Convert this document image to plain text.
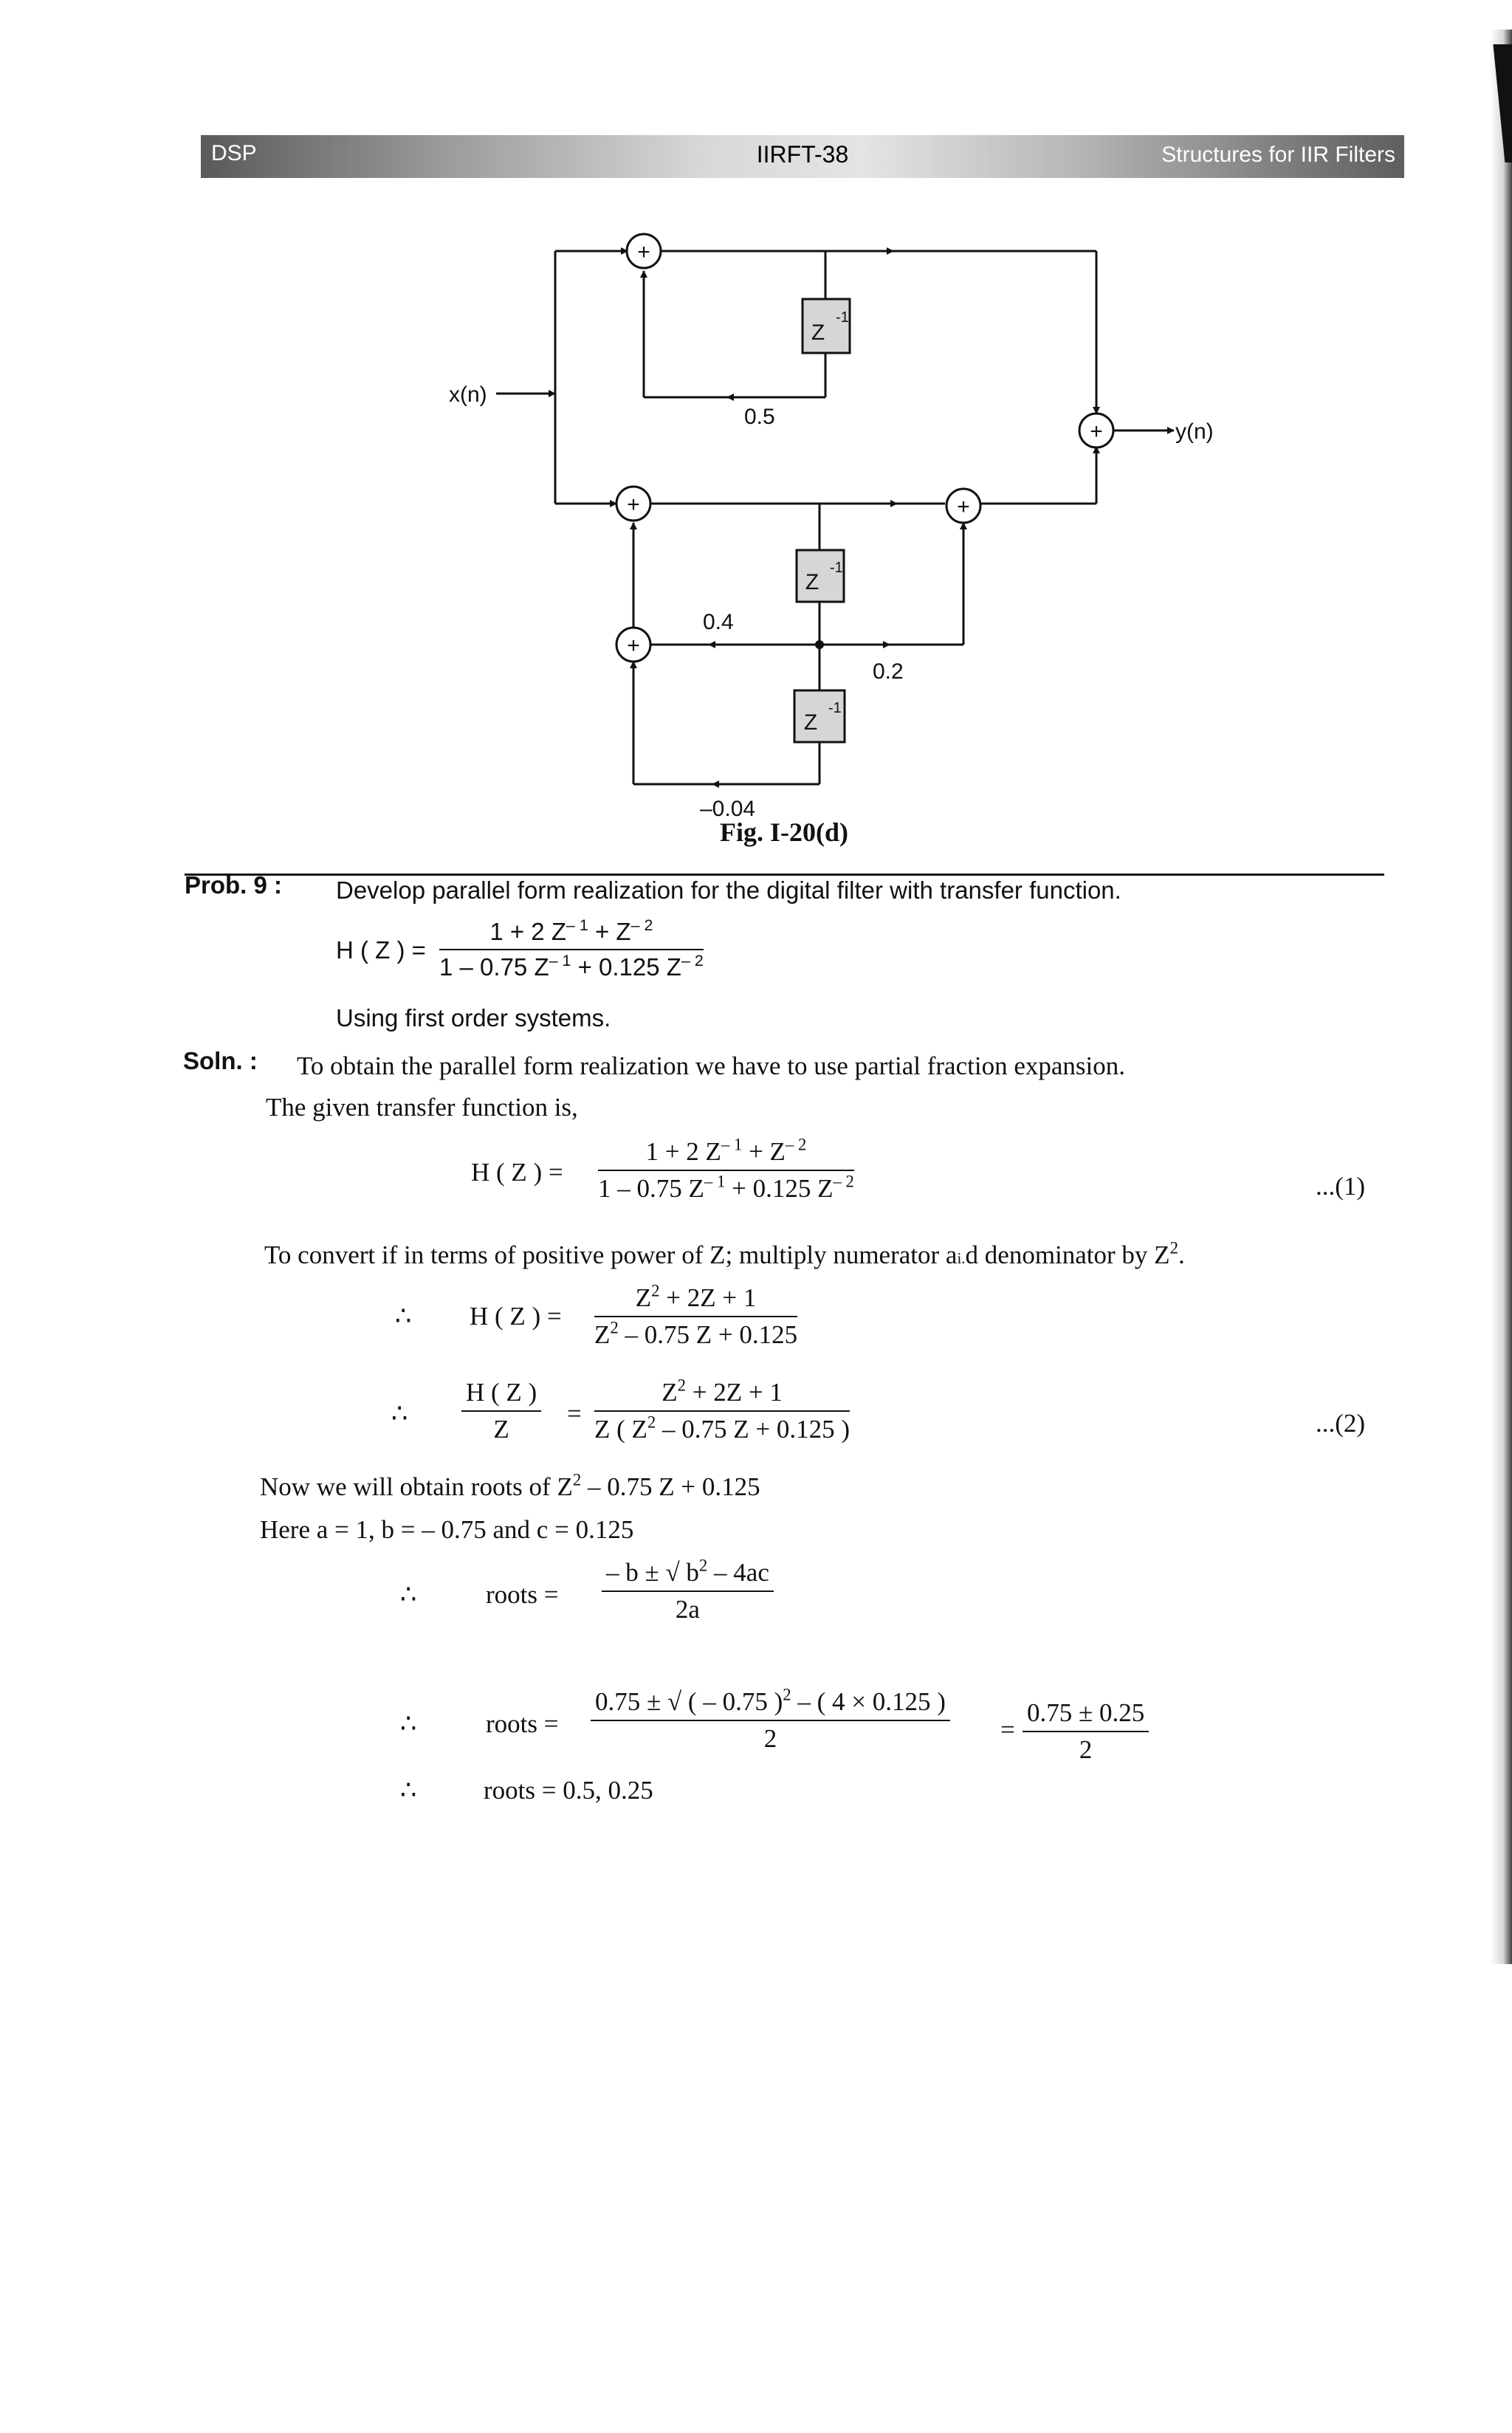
DSP	IIRFT-38	Structures for IIR Filters
+
+
+	+
+
Z
-1
Z
-1
Z
-1
x(n)
y(n)
0.5
0.4
0.2
–0.04
Fig. I-20(d)
Prob. 9 : Develop parallel form realization for the digital filter with transfer function.
H ( Z ) = $\frac{1 + 2 Z^{- 1} + Z^{- 2}}{1 - 0.75 Z^{- 1} + 0.125 Z^{- 2}}$
Using first order systems.
Soln. : To obtain the parallel form realization we have to use partial fraction expansion.
The given transfer function is,
H ( Z ) = $\frac{1 + 2 Z^{- 1} + Z^{- 2}}{1 - 0.75 Z^{- 1} + 0.125 Z^{- 2}}$	...(1)
To convert if in terms of positive power of Z; multiply numerator ai.d denominator by $Z^2$.
∴ H ( Z ) = $\frac{Z^2 + 2Z + 1}{Z^2 - 0.75 Z + 0.125}$
∴ $\frac{H ( Z )}{Z} = \frac{Z^2 + 2Z + 1}{Z ( Z^2 - 0.75 Z + 0.125 )}$	...(2)
Now we will obtain roots of $Z^2 - 0.75$ Z + 0.125
Here a = 1, b = – 0.75 and c = 0.125
∴	roots = $\frac{- b \pm √ b^2 - 4ac}{2a}$
∴	roots = $\frac{0.75 \pm √ ( - 0.75 )^2 - ( 4 \times 0.125 )}{2} = \frac{0.75 \pm 0.25}{2}$
∴	roots = 0.5, 0.25
